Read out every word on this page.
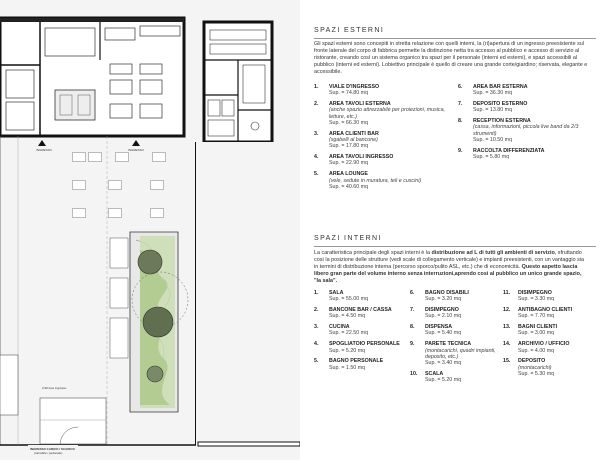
INGRESSO	INGRESSO
2.90 luce ingresso
INGRESSO CARICO / SCARICO
(carrabile / pedonale)
SPAZI ESTERNI
Gli spazi esterni sono concepiti in stretta relazione con quelli interni, la (ri)apertura di un ingresso preesistente sul fronte laterale del corpo di fabbrica permette la distinzione netta tra accesso al pubblico e accesso di servizio al ristorante, creando così un sistema organico tra spazi per il personale (interni ed esterni), e spazi accessibili al pubblico (interni ed esterni). Lobiettivo principale è quello di creare una grande corte/giardino; riservata, elegante e accessibile.
1.	VIALE D'INGRESSO
Sup. = 74.80 mq
2.	AREA TAVOLI ESTERNA
(anche spazio attrezzabile per proiezioni, musica, letture, etc.)
Sup. = 66.30 mq
3.	AREA CLIENTI BAR
(sgabelli al bancone)
Sup. = 17.80 mq
4.	AREA TAVOLI INGRESSO
Sup. = 22.90 mq
5.	AREA LOUNGE
(vele, sedute in muratura, teli e cuscini)
Sup. = 40.60 mq
6.	AREA BAR ESTERNA
Sup. = 36.30 mq
7.	DEPOSITO ESTERNO
Sup. = 13.80 mq
8.	RECEPTION ESTERNA
(cassa, informazioni, piccola live band da 2/3 strumenti)
Sup. = 10.50 mq
9.	RACCOLTA DIFFERENZIATA
Sup. = 5.80 mq
SPAZI INTERNI
La caratteristica principale degli spazi interni è la distribuzione ad L di tutti gli ambienti di servizio, sfruttando così la posizione delle strutture (vedi scale di collegamento verticale) e impianti preesistenti, con un vantaggio sia in termini di distribuzione interna (percorso sporco/pulito ASL, etc.) che di economicità. Questo aspetto lascia libero gran parte del volume interno senza interruzioni,aprendo così al pubblico un unico grande spazio, "la sala".
1.	SALA
Sup. = 55.00 mq
2.	BANCONE BAR / CASSA
Sup. = 4.50 mq
3.	CUCINA
Sup. = 22.50 mq
4.	SPOGLIATOIO PERSONALE
Sup. = 5.20 mq
5.	BAGNO PERSONALE
Sup. = 1.50 mq
6.	BAGNO DISABILI
Sup. = 3.20 mq
7.	DISIMPEGNO
Sup. = 2.10 mq
8.	DISPENSA
Sup. = 5.40 mq
9.	PARETE TECNICA
(montacarichi, quadri impianti, deposito, etc.)
Sup. = 3.40 mq
10.	SCALA
Sup. = 5.20 mq
11.	DISIMPEGNO
Sup. = 3.30 mq
12.	ANTIBAGNO CLIENTI
Sup. = 7.70 mq
13.	BAGNI CLIENTI
Sup. = 3.00 mq
14.	ARCHIVIO / UFFICIO
Sup. = 4.00 mq
15.	DEPOSITO
(montacarichi)
Sup. = 5.30 mq
